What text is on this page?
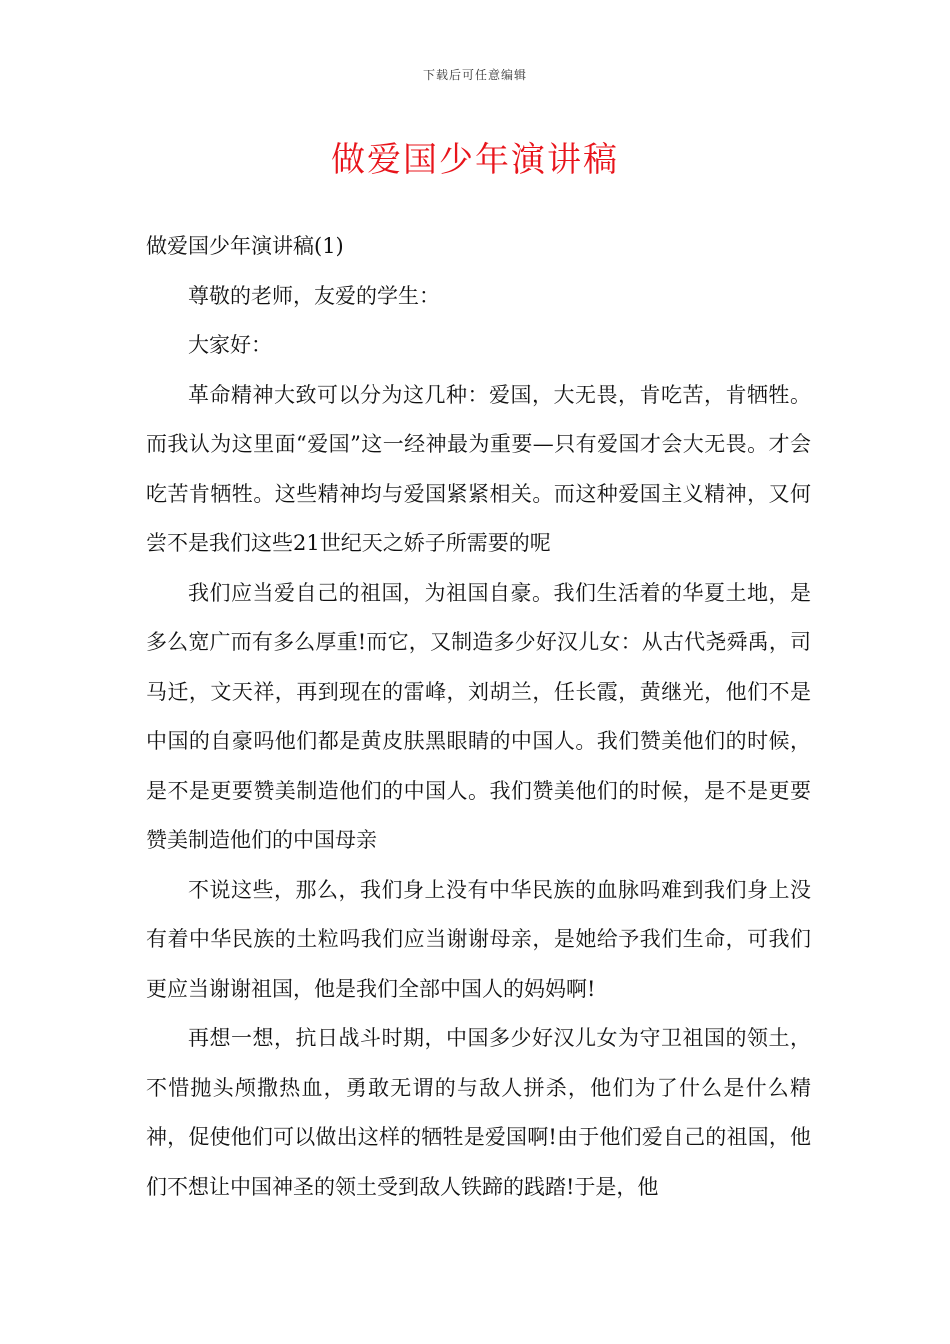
下载后可任意编辑
做爱国少年演讲稿

做爱国少年演讲稿(1)

尊敬的老师，友爱的学生：

大家好：

革命精神大致可以分为这几种：爱国，大无畏，肯吃苦，肯牺牲。而我认为这里面“爱国”这一经神最为重要—只有爱国才会大无畏。才会吃苦肯牺牲。这些精神均与爱国紧紧相关。而这种爱国主义精神，又何尝不是我们这些21世纪天之娇子所需要的呢

我们应当爱自己的祖国，为祖国自豪。我们生活着的华夏土地，是多么宽广而有多么厚重!而它，又制造多少好汉儿女：从古代尧舜禹，司马迁，文天祥，再到现在的雷峰，刘胡兰，任长霞，黄继光，他们不是中国的自豪吗他们都是黄皮肤黑眼睛的中国人。我们赞美他们的时候，是不是更要赞美制造他们的中国人。我们赞美他们的时候，是不是更要赞美制造他们的中国母亲

不说这些，那么，我们身上没有中华民族的血脉吗难到我们身上没有着中华民族的土粒吗我们应当谢谢母亲，是她给予我们生命，可我们更应当谢谢祖国，他是我们全部中国人的妈妈啊!

再想一想，抗日战斗时期，中国多少好汉儿女为守卫祖国的领土，不惜抛头颅撒热血，勇敢无谓的与敌人拼杀，他们为了什么是什么精神，促使他们可以做出这样的牺牲是爱国啊!由于他们爱自己的祖国，他们不想让中国神圣的领土受到敌人铁蹄的践踏!于是，他
